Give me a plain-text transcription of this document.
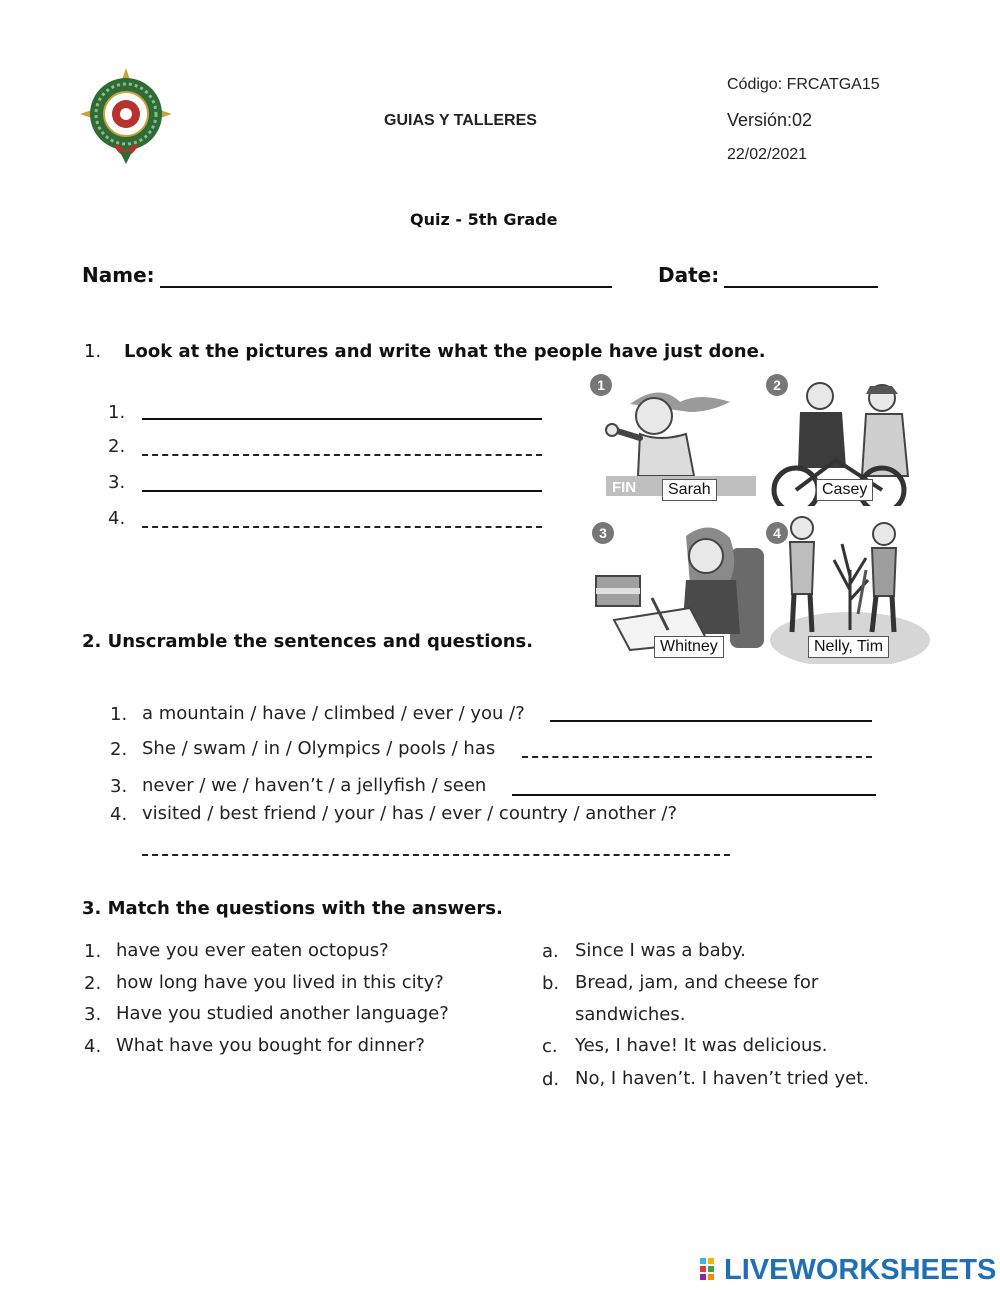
GUIAS Y TALLERES
Código: FRCATGA15
Versión:02
22/02/2021
Quiz - 5th Grade
Name:	Date:
1. Look at the pictures and write what the people have just done.
1.
2.
3.
4.
FIN	Sarah
1
Casey
2
Whitney
3
Nelly, Tim
4
2. Unscramble the sentences and questions.
1. a mountain / have / climbed / ever / you /?
2. She / swam / in / Olympics / pools / has
3. never / we / haven’t / a jellyfish / seen
4. visited / best friend / your / has / ever / country / another /?
3. Match the questions with the answers.
1. have you ever eaten octopus?
2. how long have you lived in this city?
3. Have you studied another language?
4. What have you bought for dinner?
a. Since I was a baby.
b. Bread, jam, and cheese for
sandwiches.
c. Yes, I have! It was delicious.
d. No, I haven’t. I haven’t tried yet.
LIVEWORKSHEETS
